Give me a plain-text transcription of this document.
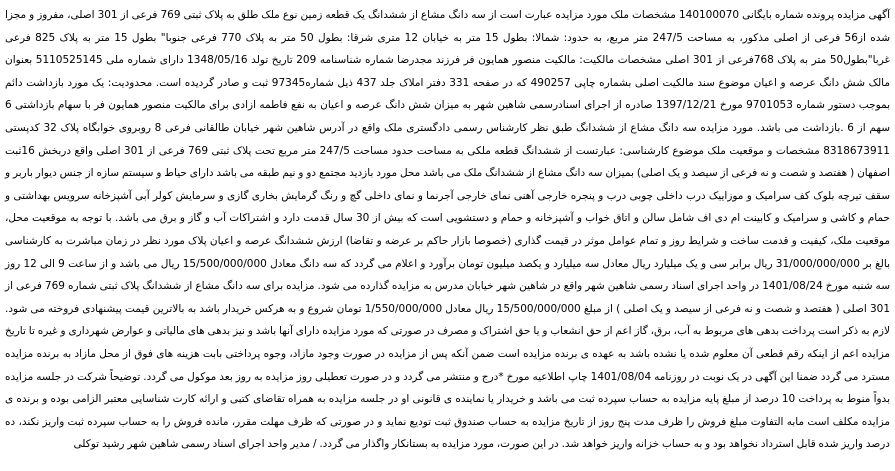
آگهی مزایده پرونده شماره بایگانی 140100070 مشخصات ملک مورد مزایده عبارت است از سه دانگ مشاع از ششدانگ یک قطعه زمین نوع ملک طلق به پلاک ثبتی 769 فرعی از 301 اصلی، مفروز و مجزا شده از56 فرعی از اصلی مذکور، به مساحت 247/5 متر مربع، به حدود: شمالا: بطول 15 متر به خیابان 12 متری شرقا: بطول 50 متر به پلاک 770 فرعی جنوبا" بطول 15 متر به پلاک 825 فرعی غربا"بطول50 متر به پلاک 768فرعی از 301 اصلی مشخصات مالکیت: مالکیت منصور همایون فر فرزند مجدرضا شماره شناسنامه 209 تاریخ تولد 1348/05/16 دارای شماره ملی 5110525145 بعنوان مالک شش دانگ عرصه و اعیان موضوع سند مالکیت اصلی بشماره چاپی 490257 که در صفحه 331 دفتر املاک جلد 437 ذیل شماره97345 ثبت و صادر گردیده است. محدودیت: یک مورد بازداشت دائم بموجب دستور شماره 9701053 مورخ 1397/12/21 صادره از اجرای اسنادرسمی شاهین شهر به میزان شش دانگ عرصه و اعیان به نفع فاطمه ازادی برای مالکیت منصور همایون فر با سهام بازداشتی 6 سهم از 6 .بازداشت می باشد. مورد مزایده سه دانگ مشاع از ششدانگ طبق نظر کارشناس رسمی دادگستری ملک واقع در آدرس شاهین شهر خیابان طالقانی فرعی 8 روبروی خوابگاه پلاک 32 کدپستی 8318673911 مشخصات و موقعیت ملک موضوع کارشناسی: عبارتست از ششدانگ قطعه ملکی به مساحت حدود مساحت 247/5 متر مربع تحت پلاک ثبتی 769 فرعی از 301 اصلی واقع دربخش 16ثبت اصفهان ( هفتصد و شصت و نه فرعی از سیصد و یک اصلی) بمیزان سه دانگ مشاع از ششدانگ ملک می باشد محل مورد بازدید مجتمع دو و نیم طبقه می باشد دارای حیاط و سیستم سازه از جنس دیوار باربر و سقف تیرچه بلوک کف سرامیک و موزاییک درب داخلی چوبی درب و پنجره خارجی آهنی نمای خارجی آجرنما و نمای داخلی گچ و رنگ گرمایش بخاری گازی و سرمایش کولر آبی آشپزخانه سرویس بهداشتی و حمام و کاشی و سرامیک و کابینت ام دی اف شامل سالن و اتاق خواب و آشپزخانه و حمام و دستشویی است که بیش از 30 سال قدمت دارد و اشتراکات آب و گاز و برق می باشد. با توجه به موقعیت محل، موقعیت ملک، کیفیت و قدمت ساخت و شرایط روز و تمام عوامل موثر در قیمت گذاری (خصوصا بازار حاکم بر عرضه و تقاضا) ارزش ششدانگ عرصه و اعیان پلاک مورد نظر در زمان مباشرت به کارشناسی بالغ بر 31/000/000/000 ریال برابر سی و یک میلیارد ریال معادل سه میلیارد و یکصد میلیون تومان برآورد و اعلام می گردد که سه دانگ معادل 15/500/000/000 ریال می باشد و از ساعت 9 الی 12 روز سه شنبه مورخ 1401/08/24 در واحد اجرای اسناد رسمی شاهین شهر واقع در شاهین شهر خیابان مدرس به مزایده گذارده می شود. مزایده برای سه دانگ مشاع از ششدانگ پلاک ثبتی شماره 769 فرعی از 301 اصلی ( هفتصد و شصت و نه فرعی از سیصد و یک اصلی ) از مبلغ 15/500/000/000 ریال معادل 1/550/000/000 تومان شروع و به هرکس خریدار باشد به بالاترین قیمت پیشنهادی فروخته می شود. لازم به ذکر است پرداخت بدهی های مربوط به آب، برق، گاز اعم از حق انشعاب و یا حق اشتراک و مصرف در صورتی که مورد مزایده دارای آنها باشد و نیز بدهی های مالیاتی و عوارض شهرداری و غیره تا تاریخ مزایده اعم از اینکه رقم قطعی آن معلوم شده یا نشده باشد به عهده ی برنده مزایده است ضمن آنکه پس از مزایده در صورت وجود مازاد، وجوه پرداختی بابت هزینه های فوق از محل مازاد به برنده مزایده مسترد می گردد ضمنا این آگهی در یک نوبت در روزنامه 1401/08/04 چاپ اطلاعیه مورخ *درج و منتشر می گردد و در صورت تعطیلی روز مزایده به روز بعد موکول می گردد. توضیحاً شرکت در جلسه مزایده بدواً منوط به پرداخت 10 درصد از مبلغ پایه مزایده به حساب سپرده ثبت می باشد و خریدار یا نماینده ی قانونی او در جلسه مزایده به همراه تقاضای کتبی و ارائه کارت شناسایی معتبر الزامی بوده و برنده ی مزایده مکلف است مابه التفاوت مبلغ فروش را ظرف مدت پنج روز از تاریخ مزایده به حساب صندوق ثبت تودیع نماید و در صورتی که ظرف مهلت مقرر، مانده فروش را به حساب سپرده ثبت واریز نکند، ده درصد واریز شده قابل استرداد نخواهد بود و به حساب خزانه واریز خواهد شد. در این صورت، مورد مزایده به بستانکار واگذار می گردد. / مدیر واحد اجرای اسناد رسمی شاهین شهر رشید توکلی
